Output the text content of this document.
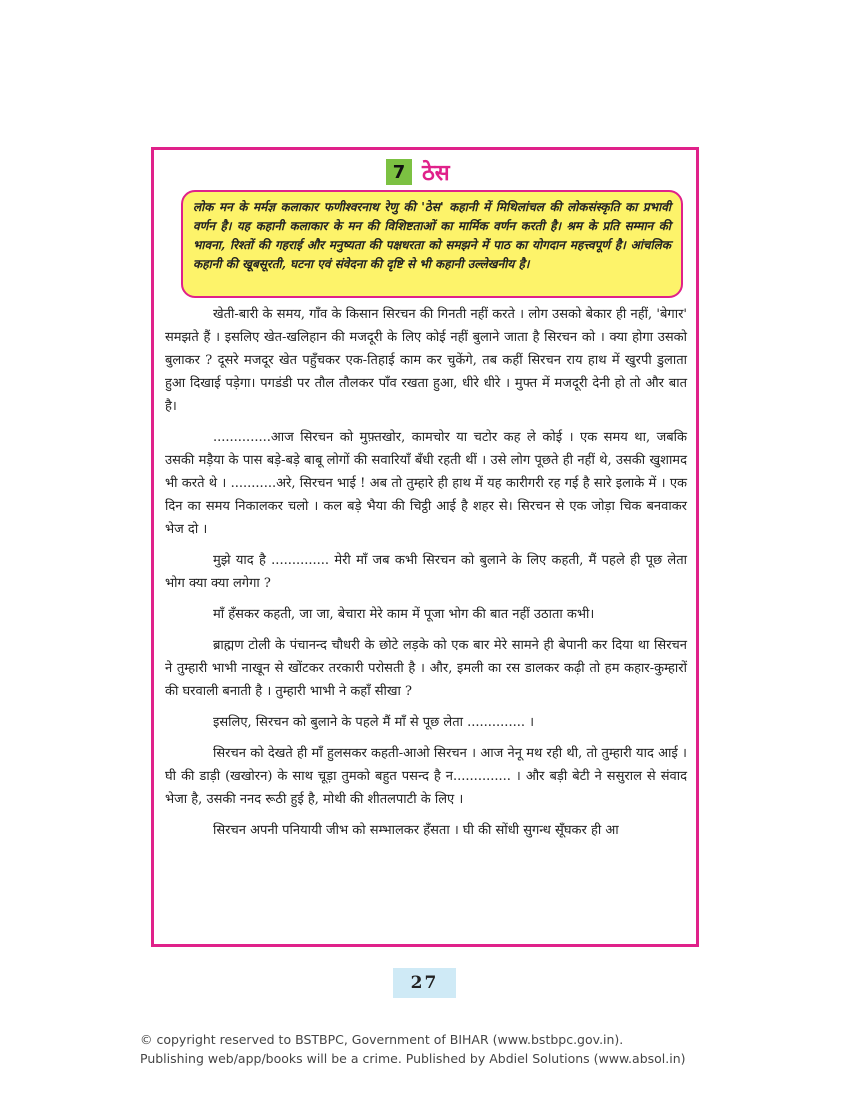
7 ठेस
लोक मन के मर्मज्ञ कलाकार फणीश्वरनाथ रेणु की 'ठेस' कहानी में मिथिलांचल की लोकसंस्कृति का प्रभावी वर्णन है। यह कहानी कलाकार के मन की विशिष्टताओं का मार्मिक वर्णन करती है। श्रम के प्रति सम्मान की भावना, रिश्तों की गहराई और मनुष्यता की पक्षधरता को समझने में पाठ का योगदान महत्त्वपूर्ण है। आंचलिक कहानी की खूबसूरती, घटना एवं संवेदना की दृष्टि से भी कहानी उल्लेखनीय है।

खेती-बारी के समय, गाँव के किसान सिरचन की गिनती नहीं करते । लोग उसको बेकार ही नहीं, 'बेगार' समझते हैं । इसलिए खेत-खलिहान की मजदूरी के लिए कोई नहीं बुलाने जाता है सिरचन को । क्या होगा उसको बुलाकर ? दूसरे मजदूर खेत पहुँचकर एक-तिहाई काम कर चुकेंगे, तब कहीं सिरचन राय हाथ में खुरपी डुलाता हुआ दिखाई पड़ेगा। पगडंडी पर तौल तौलकर पाँव रखता हुआ, धीरे धीरे । मुफ्त में मजदूरी देनी हो तो और बात है।

..............आज सिरचन को मुफ़्तखोर, कामचोर या चटोर कह ले कोई । एक समय था, जबकि उसकी मड़ैया के पास बड़े-बड़े बाबू लोगों की सवारियाँ बँधी रहती थीं । उसे लोग पूछते ही नहीं थे, उसकी खुशामद भी करते थे । ...........अरे, सिरचन भाई ! अब तो तुम्हारे ही हाथ में यह कारीगरी रह गई है सारे इलाके में । एक दिन का समय निकालकर चलो । कल बड़े भैया की चिट्ठी आई है शहर से। सिरचन से एक जोड़ा चिक बनवाकर भेज दो ।

मुझे याद है .............. मेरी माँ जब कभी सिरचन को बुलाने के लिए कहती, मैं पहले ही पूछ लेता भोग क्या क्या लगेगा ?

माँ हँसकर कहती, जा जा, बेचारा मेरे काम में पूजा भोग की बात नहीं उठाता कभी।

ब्राह्मण टोली के पंचानन्द चौधरी के छोटे लड़के को एक बार मेरे सामने ही बेपानी कर दिया था सिरचन ने तुम्हारी भाभी नाखून से खोंटकर तरकारी परोसती है । और, इमली का रस डालकर कढ़ी तो हम कहार-कुम्हारों की घरवाली बनाती है । तुम्हारी भाभी ने कहाँ सीखा ?

इसलिए, सिरचन को बुलाने के पहले मैं माँ से पूछ लेता .............. ।

सिरचन को देखते ही माँ हुलसकर कहती-आओ सिरचन । आज नेनू मथ रही थी, तो तुम्हारी याद आई । घी की डाड़ी (खखोरन) के साथ चूड़ा तुमको बहुत पसन्द है न.............. । और बड़ी बेटी ने ससुराल से संवाद भेजा है, उसकी ननद रूठी हुई है, मोथी की शीतलपाटी के लिए ।

सिरचन अपनी पनियायी जीभ को सम्भालकर हँसता । घी की सोंधी सुगन्ध सूँघकर ही आ

27
© copyright reserved to BSTBPC, Government of BIHAR (www.bstbpc.gov.in).
Publishing web/app/books will be a crime. Published by Abdiel Solutions (www.absol.in)
